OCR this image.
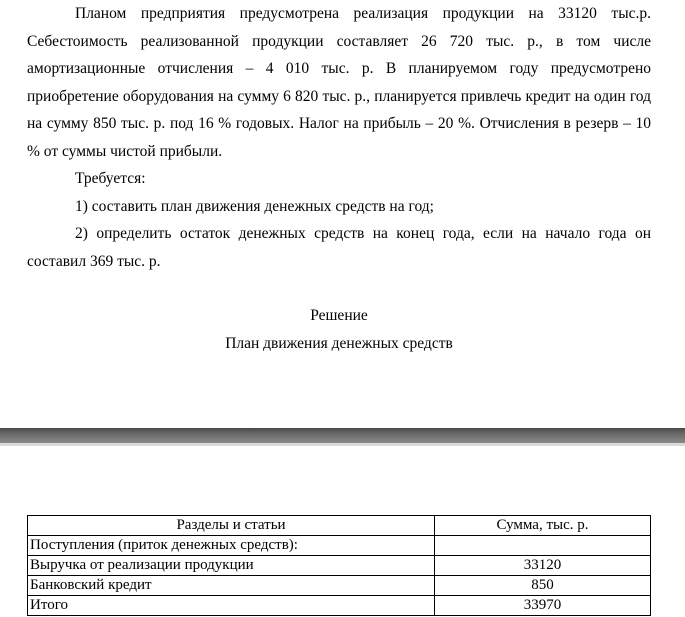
Планом предприятия предусмотрена реализация продукции на 33120 тыс.р. Себестоимость реализованной продукции составляет 26 720 тыс. р., в том числе амортизационные отчисления – 4 010 тыс. р. В планируемом году предусмотрено приобретение оборудования на сумму 6 820 тыс. р., планируется привлечь кредит на один год на сумму 850 тыс. р. под 16 % годовых. Налог на прибыль – 20 %. Отчисления в резерв – 10 % от суммы чистой прибыли.

Требуется:

1) составить план движения денежных средств на год;

2) определить остаток денежных средств на конец года, если на начало года он составил 369 тыс. р.

Решение

План движения денежных средств

Разделы и статьи	Сумма, тыс. р.
Поступления (приток денежных средств):	
Выручка от реализации продукции	33120
Банковский кредит	850
Итого	33970
